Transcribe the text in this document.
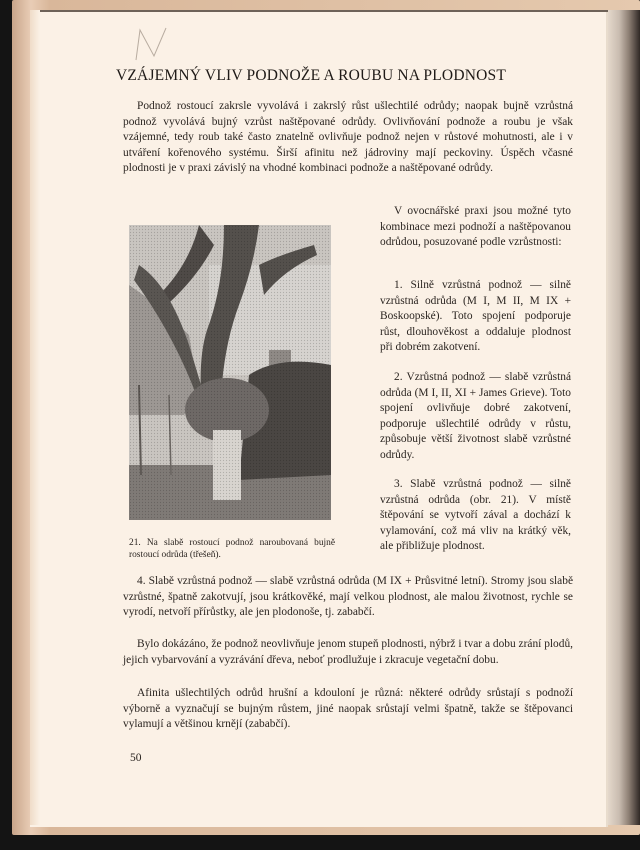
VZÁJEMNÝ VLIV PODNOŽE A ROUBU NA PLODNOST

Podnož rostoucí zakrsle vyvolává i zakrslý růst ušlechtilé odrůdy; naopak bujně vzrůstná podnož vyvolává bujný vzrůst naštěpované odrůdy. Ovlivňování podnože a roubu je však vzájemné, tedy roub také často znatelně ovlivňuje podnož nejen v růstové mohutnosti, ale i v utváření kořenového systému. Širší afinitu než jádroviny mají peckoviny. Úspěch včasné plodnosti je v praxi závislý na vhodné kombinaci podnože a naštěpované odrůdy.

V ovocnářské praxi jsou možné tyto kombinace mezi podnoží a naštěpovanou odrůdou, posuzované podle vzrůstnosti:

1. Silně vzrůstná podnož — silně vzrůstná odrůda (M I, M II, M IX + Boskoopské). Toto spojení podporuje růst, dlouhověkost a oddaluje plodnost při dobrém zakotvení.

2. Vzrůstná podnož — slabě vzrůstná odrůda (M I, II, XI + James Grieve). Toto spojení ovlivňuje dobré zakotvení, podporuje ušlechtilé odrůdy v růstu, způsobuje větší životnost slabě vzrůstné odrůdy.

3. Slabě vzrůstná podnož — silně vzrůstná odrůda (obr. 21). V místě štěpování se vytvoří zával a dochází k vylamování, což má vliv na krátký věk, ale přibližuje plodnost.

21. Na slabě rostoucí podnož naroubovaná bujně rostoucí odrůda (třešeň).

4. Slabě vzrůstná podnož — slabě vzrůstná odrůda (M IX + Průsvitné letní). Stromy jsou slabě vzrůstné, špatně zakotvují, jsou krátkověké, mají velkou plodnost, ale malou životnost, rychle se vyrodí, netvoří přírůstky, ale jen plodonoše, tj. zababčí.

Bylo dokázáno, že podnož neovlivňuje jenom stupeň plodnosti, nýbrž i tvar a dobu zrání plodů, jejich vybarvování a vyzrávání dřeva, neboť prodlužuje i zkracuje vegetační dobu.

Afinita ušlechtilých odrůd hrušní a kdouloní je různá: některé odrůdy srůstají s podnoží výborně a vyznačují se bujným růstem, jiné naopak srůstají velmi špatně, takže se štěpovanci vylamují a většinou krnějí (zababčí).

50
